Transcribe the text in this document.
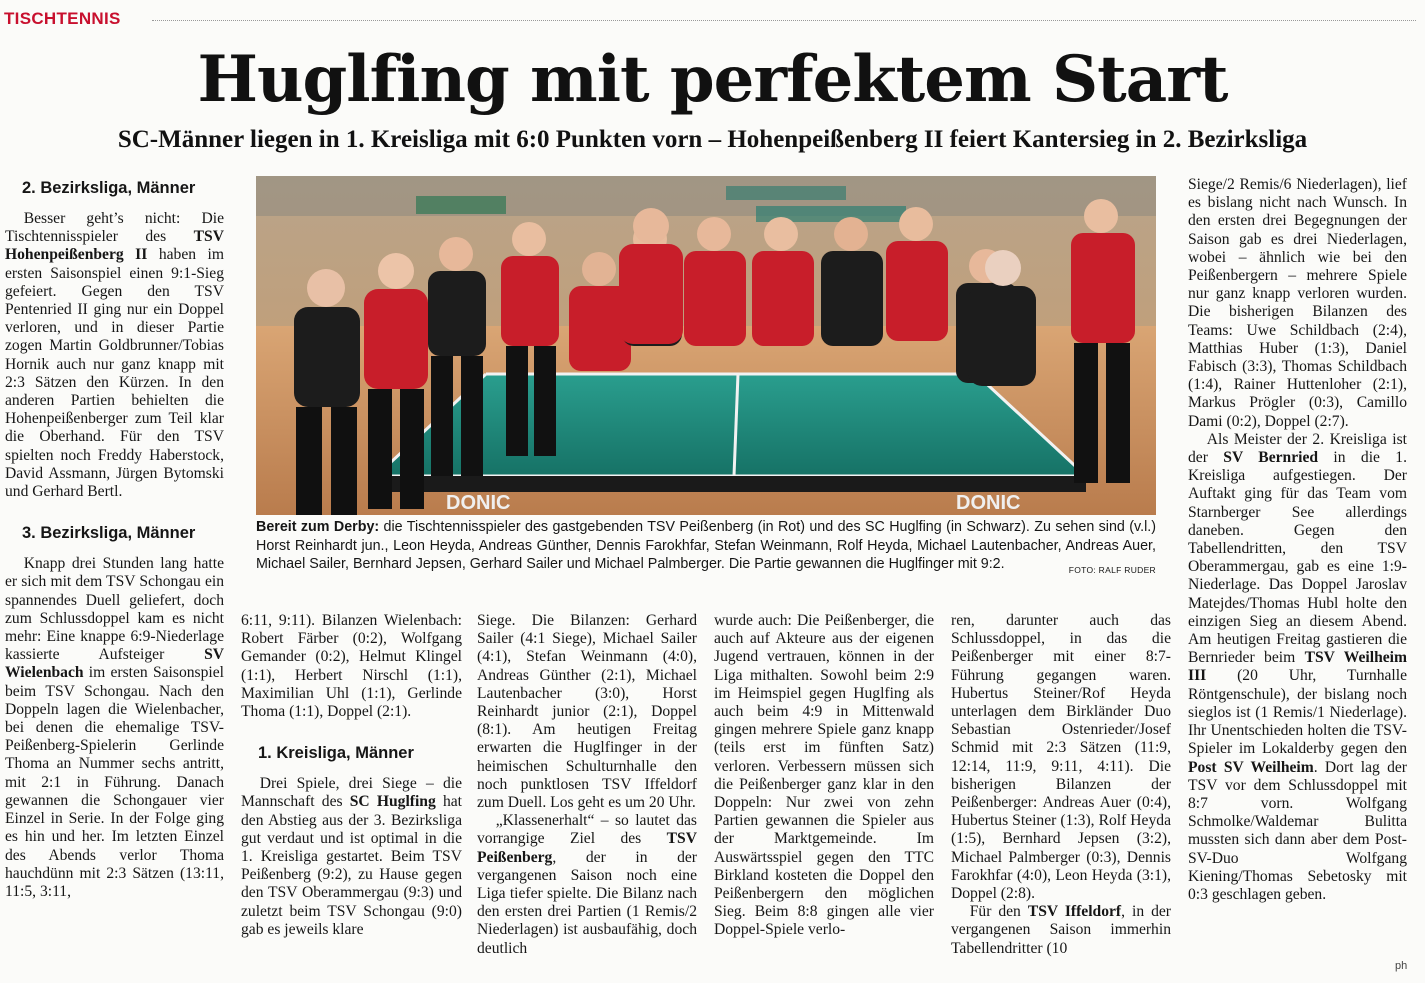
TISCHTENNIS
Huglfing mit perfektem Start
SC-Männer liegen in 1. Kreisliga mit 6:0 Punkten vorn – Hohenpeißenberg II feiert Kantersieg in 2. Bezirksliga
2. Bezirksliga, Männer

Besser geht’s nicht: Die Tischtennisspieler des TSV Hohenpeißenberg II haben im ersten Saisonspiel einen 9:1-Sieg gefeiert. Gegen den TSV Pentenried II ging nur ein Doppel verloren, und in dieser Partie zogen Martin Goldbrunner/Tobias Hornik auch nur ganz knapp mit 2:3 Sätzen den Kürzen. In den anderen Partien behielten die Hohenpeißenberger zum Teil klar die Oberhand. Für den TSV spielten noch Freddy Haberstock, David Assmann, Jürgen Bytomski und Gerhard Bertl.

3. Bezirksliga, Männer

Knapp drei Stunden lang hatte er sich mit dem TSV Schongau ein spannendes Duell geliefert, doch zum Schlussdoppel kam es nicht mehr: Eine knappe 6:9-Niederlage kassierte Aufsteiger SV Wielenbach im ersten Saisonspiel beim TSV Schongau. Nach den Doppeln lagen die Wielenbacher, bei denen die ehemalige TSV-Peißenberg-Spielerin Gerlinde Thoma an Nummer sechs antritt, mit 2:1 in Führung. Danach gewannen die Schongauer vier Einzel in Serie. In der Folge ging es hin und her. Im letzten Einzel des Abends verlor Thoma hauchdünn mit 2:3 Sätzen (13:11, 11:5, 3:11,

DONIC	DONIC
Bereit zum Derby: die Tischtennisspieler des gastgebenden TSV Peißenberg (in Rot) und des SC Huglfing (in Schwarz). Zu sehen sind (v.l.) Horst Reinhardt jun., Leon Heyda, Andreas Günther, Dennis Farokhfar, Stefan Weinmann, Rolf Heyda, Michael Lautenbacher, Andreas Auer, Michael Sailer, Bernhard Jepsen, Gerhard Sailer und Michael Palmberger. Die Partie gewannen die Huglfinger mit 9:2.	FOTO: RALF RUDER

6:11, 9:11). Bilanzen Wielenbach: Robert Färber (0:2), Wolfgang Gemander (0:2), Helmut Klingel (1:1), Herbert Nirschl (1:1), Maximilian Uhl (1:1), Gerlinde Thoma (1:1), Doppel (2:1).

1. Kreisliga, Männer

Drei Spiele, drei Siege – die Mannschaft des SC Huglfing hat den Abstieg aus der 3. Bezirksliga gut verdaut und ist optimal in die 1. Kreisliga gestartet. Beim TSV Peißenberg (9:2), zu Hause gegen den TSV Oberammergau (9:3) und zuletzt beim TSV Schongau (9:0) gab es jeweils klare

Siege. Die Bilanzen: Gerhard Sailer (4:1 Siege), Michael Sailer (4:1), Stefan Weinmann (4:0), Andreas Günther (2:1), Michael Lautenbacher (3:0), Horst Reinhardt junior (2:1), Doppel (8:1). Am heutigen Freitag erwarten die Huglfinger in der heimischen Schulturnhalle den noch punktlosen TSV Iffeldorf zum Duell. Los geht es um 20 Uhr.

„Klassenerhalt“ – so lautet das vorrangige Ziel des TSV Peißenberg, der in der vergangenen Saison noch eine Liga tiefer spielte. Die Bilanz nach den ersten drei Partien (1 Remis/2 Niederlagen) ist ausbaufähig, doch deutlich

wurde auch: Die Peißenberger, die auch auf Akteure aus der eigenen Jugend vertrauen, können in der Liga mithalten. Sowohl beim 2:9 im Heimspiel gegen Huglfing als auch beim 4:9 in Mittenwald gingen mehrere Spiele ganz knapp (teils erst im fünften Satz) verloren. Verbessern müssen sich die Peißenberger ganz klar in den Doppeln: Nur zwei von zehn Partien gewannen die Spieler aus der Marktgemeinde. Im Auswärtsspiel gegen den TTC Birkland kosteten die Doppel den Peißenbergern den möglichen Sieg. Beim 8:8 gingen alle vier Doppel-Spiele verlo-

ren, darunter auch das Schlussdoppel, in das die Peißenberger mit einer 8:7-Führung gegangen waren. Hubertus Steiner/Rof Heyda unterlagen dem Birkländer Duo Sebastian Ostenrieder/Josef Schmid mit 2:3 Sätzen (11:9, 12:14, 11:9, 9:11, 4:11). Die bisherigen Bilanzen der Peißenberger: Andreas Auer (0:4), Hubertus Steiner (1:3), Rolf Heyda (1:5), Bernhard Jepsen (3:2), Michael Palmberger (0:3), Dennis Farokhfar (4:0), Leon Heyda (3:1), Doppel (2:8).

Für den TSV Iffeldorf, in der vergangenen Saison immerhin Tabellendritter (10

Siege/2 Remis/6 Niederlagen), lief es bislang nicht nach Wunsch. In den ersten drei Begegnungen der Saison gab es drei Niederlagen, wobei – ähnlich wie bei den Peißenbergern – mehrere Spiele nur ganz knapp verloren wurden. Die bisherigen Bilanzen des Teams: Uwe Schildbach (2:4), Matthias Huber (1:3), Daniel Fabisch (3:3), Thomas Schildbach (1:4), Rainer Huttenloher (2:1), Markus Prögler (0:3), Camillo Dami (0:2), Doppel (2:7).

Als Meister der 2. Kreisliga ist der SV Bernried in die 1. Kreisliga aufgestiegen. Der Auftakt ging für das Team vom Starnberger See allerdings daneben. Gegen den Tabellendritten, den TSV Oberammergau, gab es eine 1:9-Niederlage. Das Doppel Jaroslav Matejdes/Thomas Hubl holte den einzigen Sieg an diesem Abend. Am heutigen Freitag gastieren die Bernrieder beim TSV Weilheim III (20 Uhr, Turnhalle Röntgenschule), der bislang noch sieglos ist (1 Remis/1 Niederlage). Ihr Unentschieden holten die TSV-Spieler im Lokalderby gegen den Post SV Weilheim. Dort lag der TSV vor dem Schlussdoppel mit 8:7 vorn. Wolfgang Schmolke/Waldemar Bulitta mussten sich dann aber dem Post-SV-Duo Wolfgang Kiening/Thomas Sebetosky mit 0:3 geschlagen geben.

ph
